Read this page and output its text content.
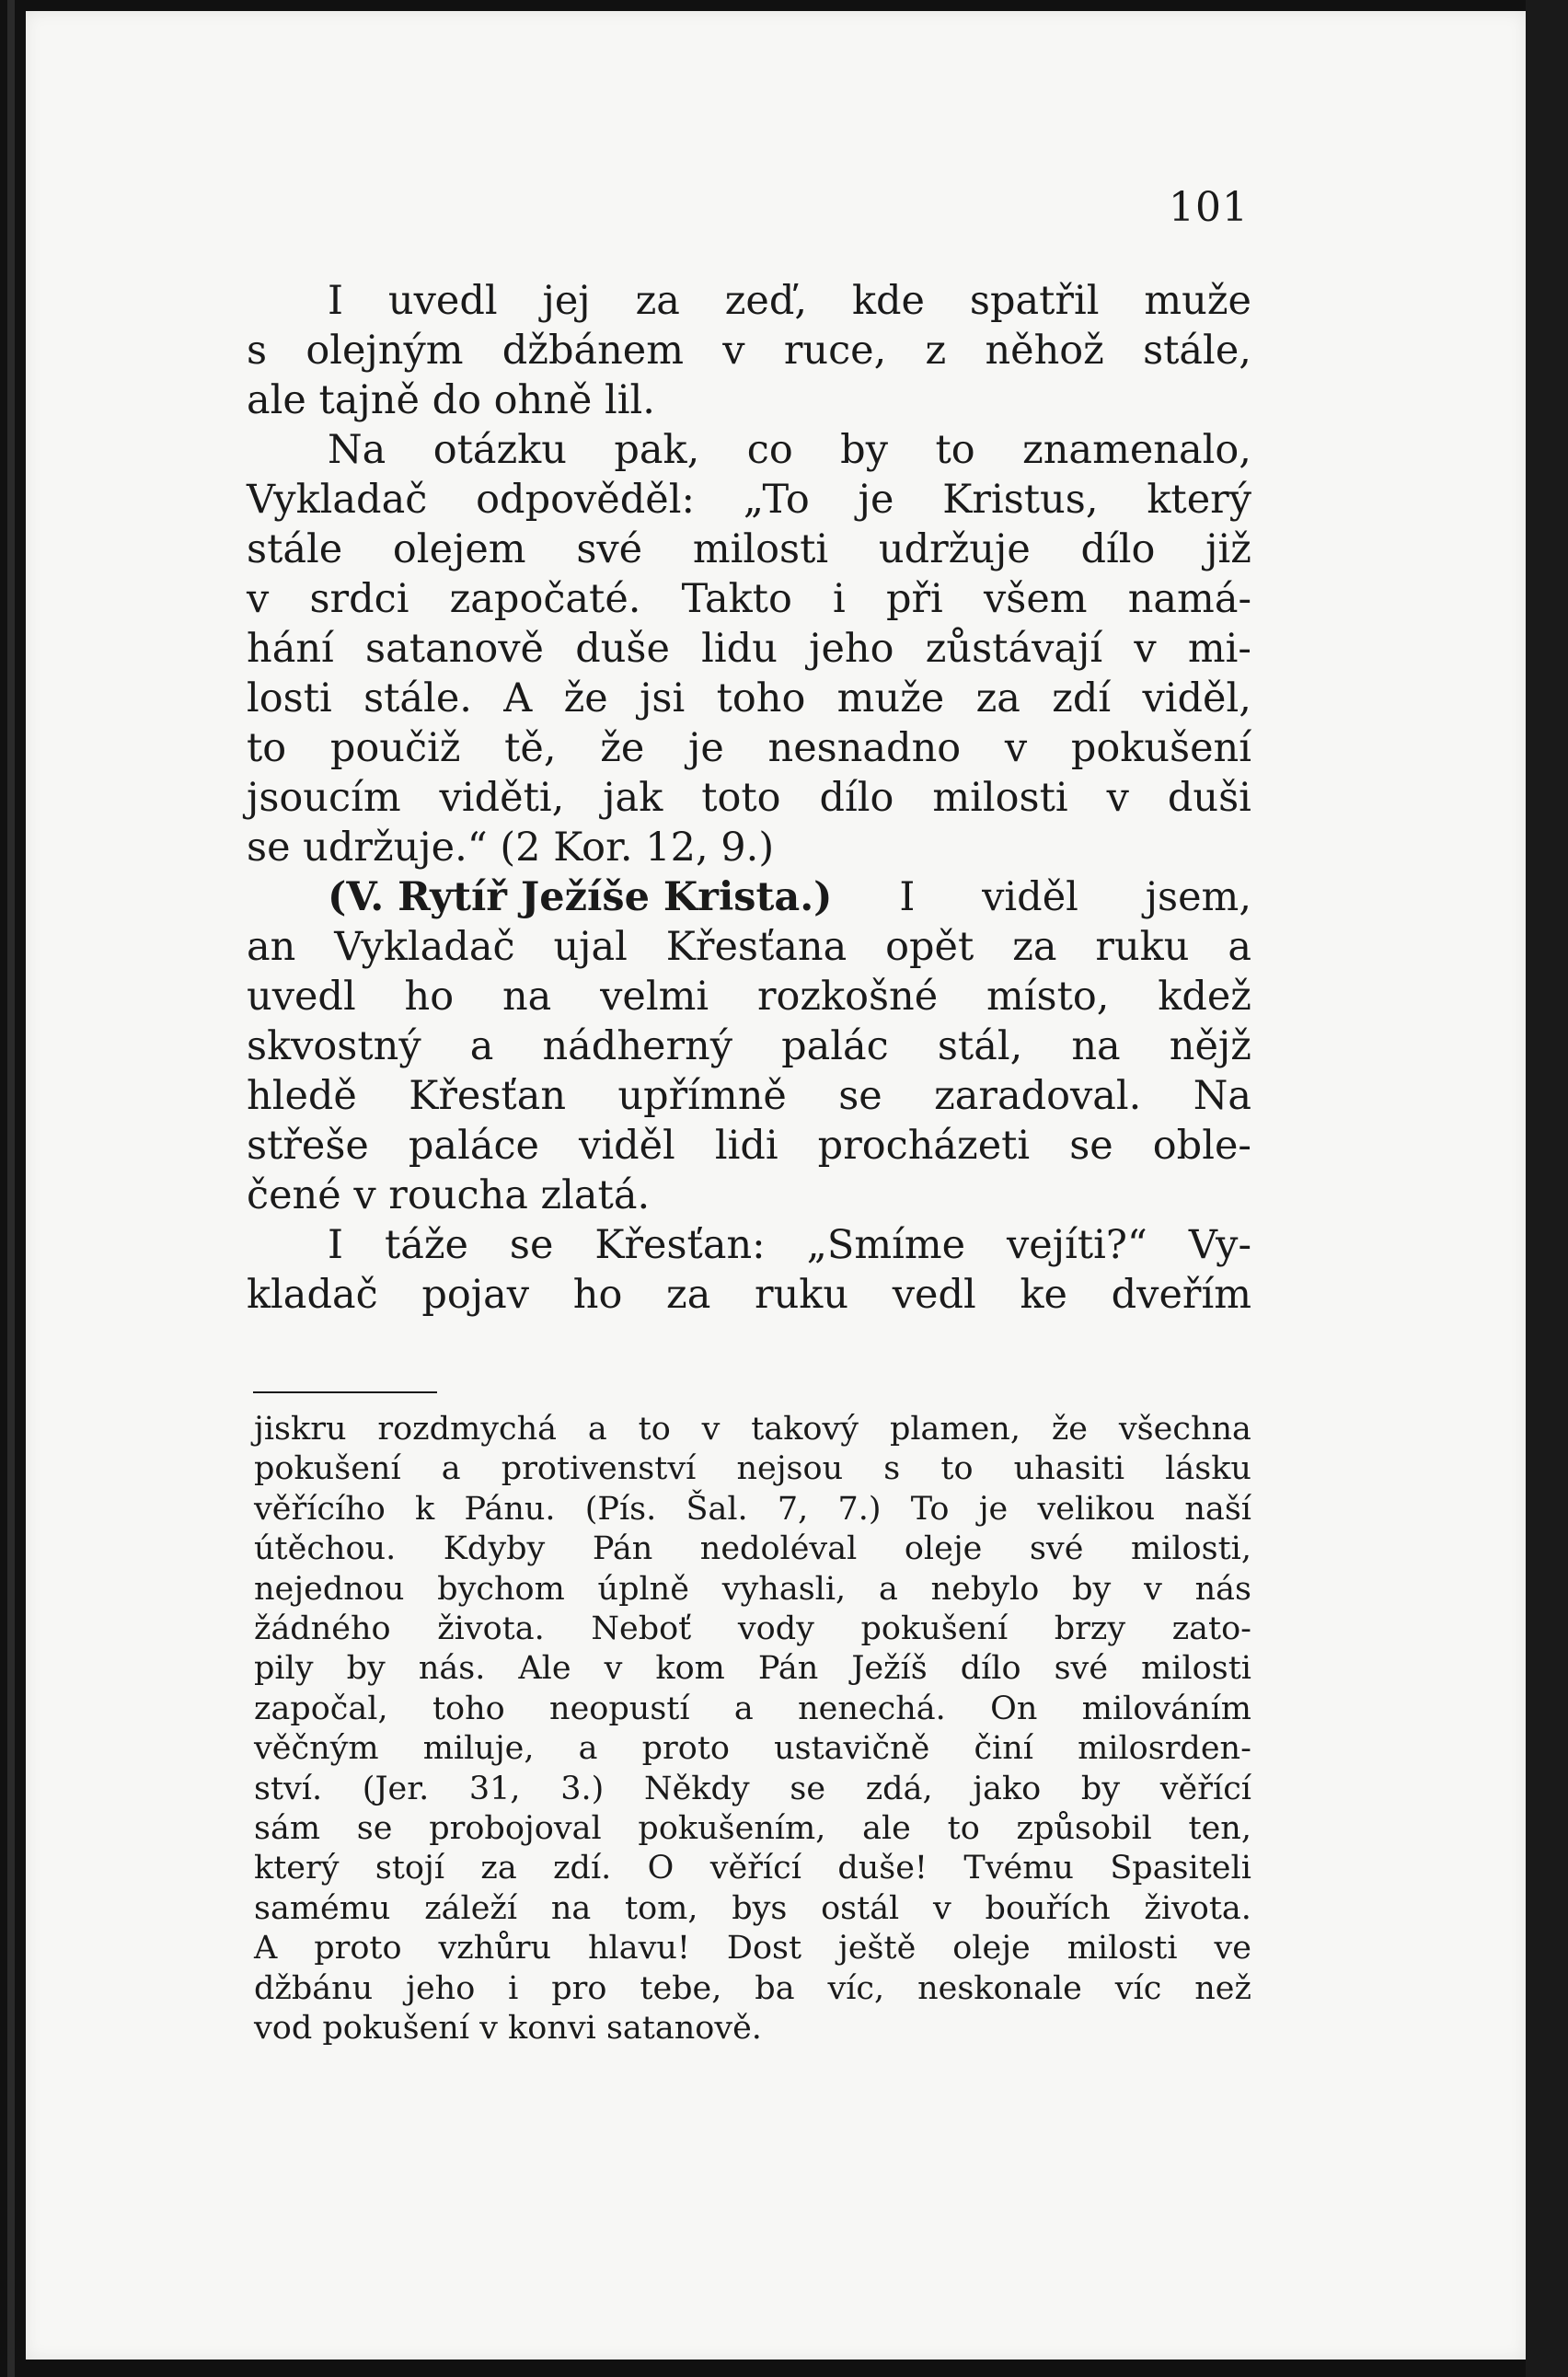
101
I uvedl jej za zeď, kde spatřil muže
s olejným džbánem v ruce, z něhož stále,
ale tajně do ohně lil.
Na otázku pak, co by to znamenalo,
Vykladač odpověděl: „To je Kristus, který
stále olejem své milosti udržuje dílo již
v srdci započaté. Takto i při všem namá-
hání satanově duše lidu jeho zůstávají v mi-
losti stále. A že jsi toho muže za zdí viděl,
to poučiž tě, že je nesnadno v pokušení
jsoucím viděti, jak toto dílo milosti v duši
se udržuje.“ (2 Kor. 12, 9.)
(V. Rytíř Ježíše Krista.) I viděl jsem,
an Vykladač ujal Křesťana opět za ruku a
uvedl ho na velmi rozkošné místo, kdež
skvostný a nádherný palác stál, na nějž
hledě Křesťan upřímně se zaradoval. Na
střeše paláce viděl lidi procházeti se oble-
čené v roucha zlatá.
I táže se Křesťan: „Smíme vejíti?“ Vy-
kladač pojav ho za ruku vedl ke dveřím
jiskru rozdmychá a to v takový plamen, že všechna
pokušení a protivenství nejsou s to uhasiti lásku
věřícího k Pánu. (Pís. Šal. 7, 7.) To je velikou naší
útěchou. Kdyby Pán nedoléval oleje své milosti,
nejednou bychom úplně vyhasli, a nebylo by v nás
žádného života. Neboť vody pokušení brzy zato-
pily by nás. Ale v kom Pán Ježíš dílo své milosti
započal, toho neopustí a nenechá. On milováním
věčným miluje, a proto ustavičně činí milosrden-
ství. (Jer. 31, 3.) Někdy se zdá, jako by věřící
sám se probojoval pokušením, ale to způsobil ten,
který stojí za zdí. O věřící duše! Tvému Spasiteli
samému záleží na tom, bys ostál v bouřích života.
A proto vzhůru hlavu! Dost ještě oleje milosti ve
džbánu jeho i pro tebe, ba víc, neskonale víc než
vod pokušení v konvi satanově.
